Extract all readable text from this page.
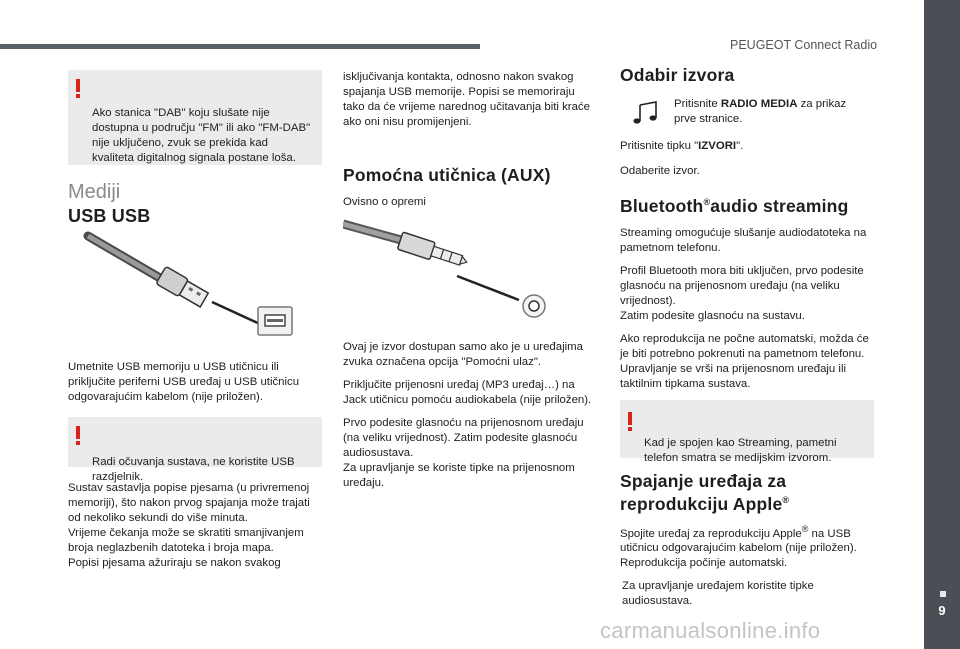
PEUGEOT Connect Radio
9

Ako stanica "DAB" koju slušate nije dostupna u području "FM" ili ako "FM-DAB" nije uključeno, zvuk se prekida kad kvaliteta digitalnog signala postane loša.

Mediji
USB USB

Umetnite USB memoriju u USB utičnicu ili priključite periferni USB uređaj u USB utičnicu odgovarajućim kabelom (nije priložen).

Radi očuvanja sustava, ne koristite USB razdjelnik.

Sustav sastavlja popise pjesama (u privremenoj memoriji), što nakon prvog spajanja može trajati od nekoliko sekundi do više minuta.
Vrijeme čekanja može se skratiti smanjivanjem broja neglazbenih datoteka i broja mapa.
Popisi pjesama ažuriraju se nakon svakog

isključivanja kontakta, odnosno nakon svakog spajanja USB memorije. Popisi se memoriraju tako da će vrijeme narednog učitavanja biti kraće ako oni nisu promijenjeni.

Pomoćna utičnica (AUX)

Ovisno o opremi

Ovaj je izvor dostupan samo ako je u uređajima zvuka označena opcija "Pomoćni ulaz".

Priključite prijenosni uređaj (MP3 uređaj…) na Jack utičnicu pomoću audiokabela (nije priložen).

Prvo podesite glasnoću na prijenosnom uređaju (na veliku vrijednost). Zatim podesite glasnoću audiosustava.
Za upravljanje se koriste tipke na prijenosnom uređaju.

Odabir izvora
Pritisnite RADIO MEDIA za prikaz prve stranice.

Pritisnite tipku "IZVORI".

Odaberite izvor.

Bluetooth®audio streaming

Streaming omogućuje slušanje audiodatoteka na pametnom telefonu.

Profil Bluetooth mora biti uključen, prvo podesite glasnoću na prijenosnom uređaju (na veliku vrijednost).
Zatim podesite glasnoću na sustavu.

Ako reprodukcija ne počne automatski, možda će je biti potrebno pokrenuti na pametnom telefonu.
Upravljanje se vrši na prijenosnom uređaju ili taktilnim tipkama sustava.

Kad je spojen kao Streaming, pametni telefon smatra se medijskim izvorom.

Spajanje uređaja za
reprodukciju Apple®

Spojite uređaj za reprodukciju Apple® na USB utičnicu odgovarajućim kabelom (nije priložen).
Reprodukcija počinje automatski.

Za upravljanje uređajem koristite tipke audiosustava.

carmanualsonline.info
